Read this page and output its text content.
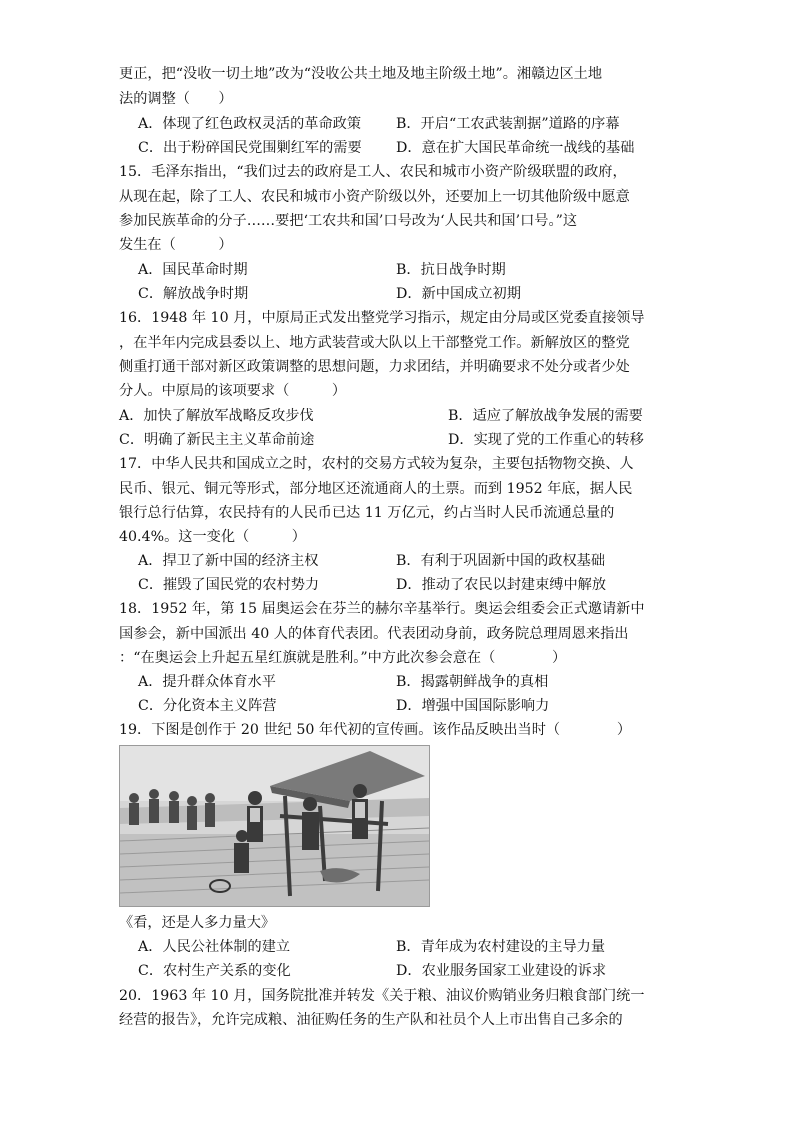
更正，把“没收一切土地”改为“没收公共土地及地主阶级土地”。湘赣边区土地
法的调整（　　）
A．体现了红色政权灵活的革命政策 B．开启“工农武装割据”道路的序幕
C．出于粉碎国民党围剿红军的需要 D．意在扩大国民革命统一战线的基础
15．毛泽东指出，“我们过去的政府是工人、农民和城市小资产阶级联盟的政府，
从现在起，除了工人、农民和城市小资产阶级以外，还要加上一切其他阶级中愿意
参加民族革命的分子……要把‘工农共和国’口号改为‘人民共和国’口号。”这
发生在（　　　）
A．国民革命时期	B．抗日战争时期
C．解放战争时期	D．新中国成立初期
16．1948 年 10 月，中原局正式发出整党学习指示，规定由分局或区党委直接领导
，在半年内完成县委以上、地方武装营或大队以上干部整党工作。新解放区的整党
侧重打通干部对新区政策调整的思想问题，力求团结，并明确要求不处分或者少处
分人。中原局的该项要求（　　　）
A．加快了解放军战略反攻步伐	B．适应了解放战争发展的需要
C．明确了新民主主义革命前途	D．实现了党的工作重心的转移
17．中华人民共和国成立之时，农村的交易方式较为复杂，主要包括物物交换、人
民币、银元、铜元等形式，部分地区还流通商人的土票。而到 1952 年底，据人民
银行总行估算，农民持有的人民币已达 11 万亿元，约占当时人民币流通总量的
40.4%。这一变化（　　　）
A．捍卫了新中国的经济主权	B．有利于巩固新中国的政权基础
C．摧毁了国民党的农村势力	D．推动了农民以封建束缚中解放
18．1952 年，第 15 届奥运会在芬兰的赫尔辛基举行。奥运会组委会正式邀请新中
国参会，新中国派出 40 人的体育代表团。代表团动身前，政务院总理周恩来指出
：“在奥运会上升起五星红旗就是胜利。”中方此次参会意在（　　　　）
A．提升群众体育水平	B．揭露朝鲜战争的真相
C．分化资本主义阵营	D．增强中国国际影响力
19．下图是创作于 20 世纪 50 年代初的宣传画。该作品反映出当时（　　　　）
《看，还是人多力量大》
A．人民公社体制的建立	B．青年成为农村建设的主导力量
C．农村生产关系的变化	D．农业服务国家工业建设的诉求
20．1963 年 10 月，国务院批准并转发《关于粮、油议价购销业务归粮食部门统一
经营的报告》，允许完成粮、油征购任务的生产队和社员个人上市出售自己多余的
